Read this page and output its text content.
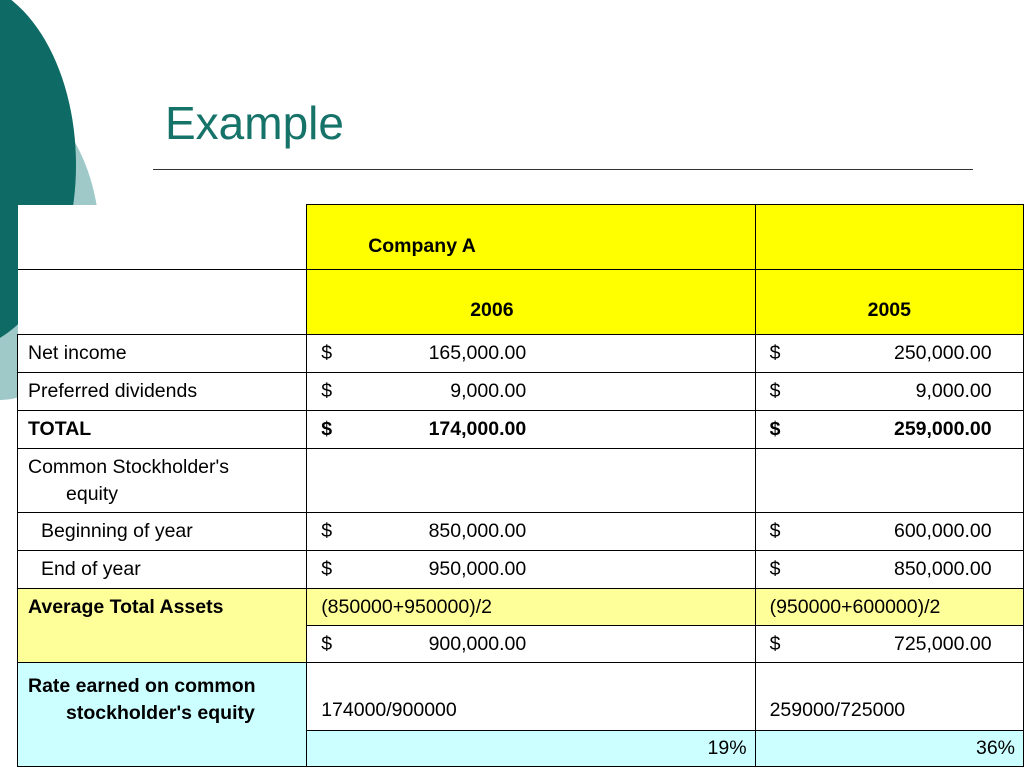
Example
	Company A	
	2006	2005
Net income	$ 165,000.00	$ 250,000.00

Preferred dividends	$ 9,000.00	$ 9,000.00

TOTAL	$ 174,000.00	$ 259,000.00

Common Stockholder's
equity		

Beginning of year	$ 850,000.00	$ 600,000.00

End of year	$ 950,000.00	$ 850,000.00

Average Total Assets	(850000+950000)/2	(950000+600000)/2

	$ 900,000.00	$ 725,000.00

Rate earned on common
stockholder's equity	174000/900000	259000/725000
	19%	36%
